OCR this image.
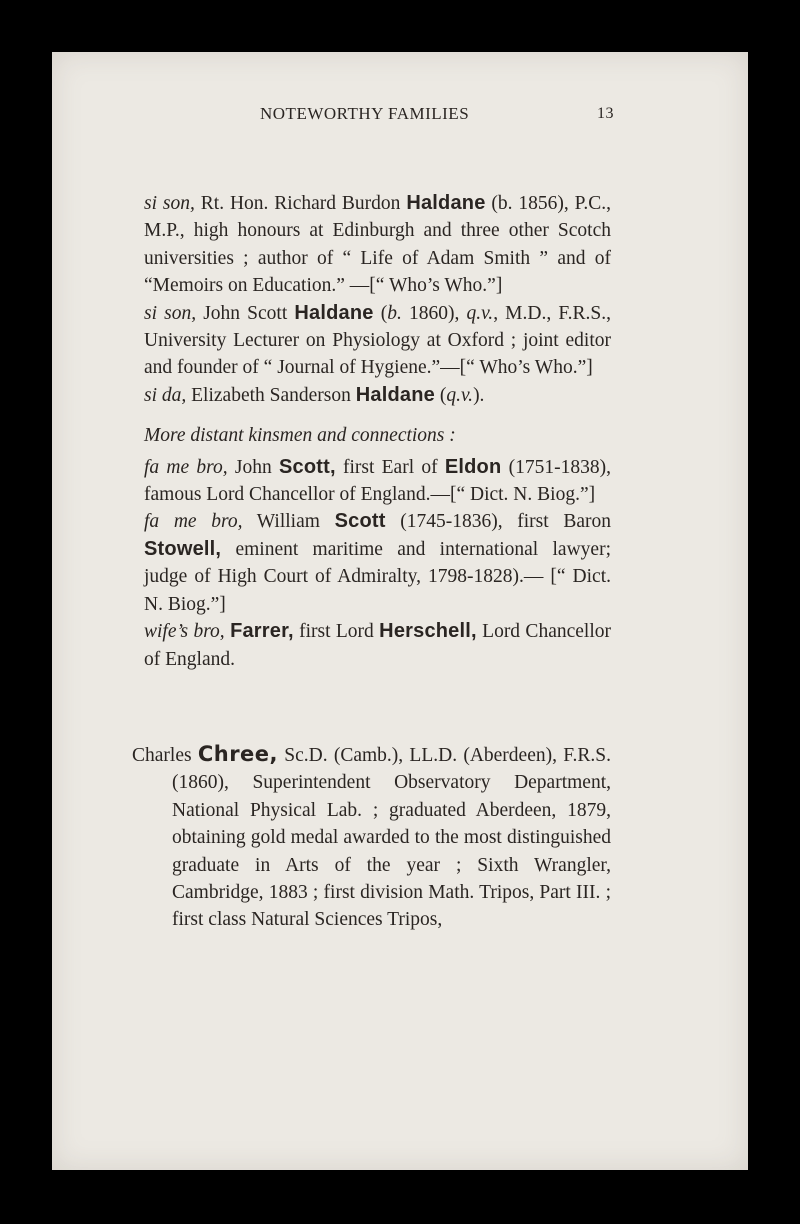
NOTEWORTHY FAMILIES	13

si son, Rt. Hon. Richard Burdon Haldane (b. 1856), P.C., M.P., high honours at Edinburgh and three other Scotch universities ; author of “ Life of Adam Smith ” and of “Memoirs on Education.” —[“ Who’s Who.”]

si son, John Scott Haldane (b. 1860), q.v., M.D., F.R.S., University Lecturer on Physiology at Oxford ; joint editor and founder of “ Journal of Hygiene.”—[“ Who’s Who.”]

si da, Elizabeth Sanderson Haldane (q.v.).

More distant kinsmen and connections :

fa me bro, John Scott, first Earl of Eldon (1751-1838), famous Lord Chancellor of England.—[“ Dict. N. Biog.”]

fa me bro, William Scott (1745-1836), first Baron Stowell, eminent maritime and international lawyer; judge of High Court of Admiralty, 1798-1828).— [“ Dict. N. Biog.”]

wife’s bro, Farrer, first Lord Herschell, Lord Chancellor of England.

Charles Chree, Sc.D. (Camb.), LL.D. (Aberdeen), F.R.S. (1860), Superintendent Observatory Department, National Physical Lab. ; graduated Aberdeen, 1879, obtaining gold medal awarded to the most distinguished graduate in Arts of the year ; Sixth Wrangler, Cambridge, 1883 ; first division Math. Tripos, Part III. ; first class Natural Sciences Tripos,
